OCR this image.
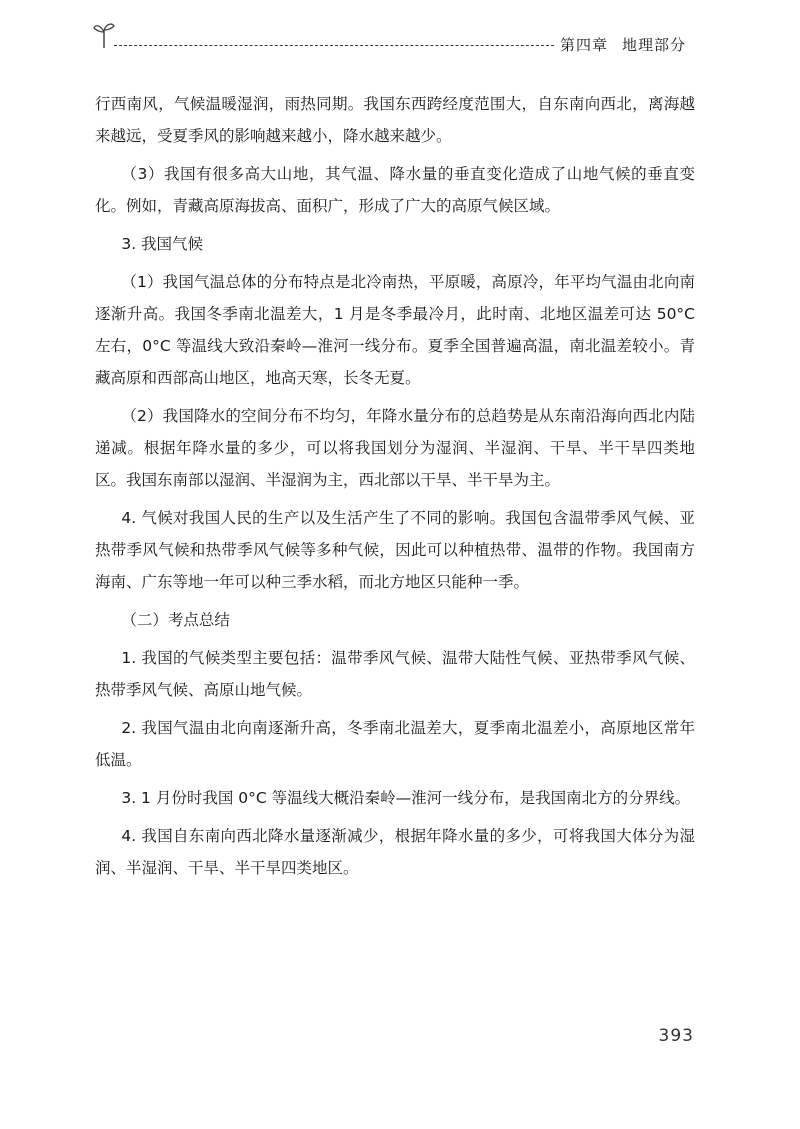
第四章 地理部分

行西南风，气候温暖湿润，雨热同期。我国东西跨经度范围大，自东南向西北，离海越来越远，受夏季风的影响越来越小，降水越来越少。

（3）我国有很多高大山地，其气温、降水量的垂直变化造成了山地气候的垂直变化。例如，青藏高原海拔高、面积广，形成了广大的高原气候区域。

3. 我国气候

（1）我国气温总体的分布特点是北冷南热，平原暖，高原冷，年平均气温由北向南逐渐升高。我国冬季南北温差大，1 月是冬季最冷月，此时南、北地区温差可达 50°C 左右，0°C 等温线大致沿秦岭—淮河一线分布。夏季全国普遍高温，南北温差较小。青藏高原和西部高山地区，地高天寒，长冬无夏。

（2）我国降水的空间分布不均匀，年降水量分布的总趋势是从东南沿海向西北内陆递减。根据年降水量的多少，可以将我国划分为湿润、半湿润、干旱、半干旱四类地区。我国东南部以湿润、半湿润为主，西北部以干旱、半干旱为主。

4. 气候对我国人民的生产以及生活产生了不同的影响。我国包含温带季风气候、亚热带季风气候和热带季风气候等多种气候，因此可以种植热带、温带的作物。我国南方海南、广东等地一年可以种三季水稻，而北方地区只能种一季。

（二）考点总结

1. 我国的气候类型主要包括：温带季风气候、温带大陆性气候、亚热带季风气候、热带季风气候、高原山地气候。

2. 我国气温由北向南逐渐升高，冬季南北温差大，夏季南北温差小，高原地区常年低温。

3. 1 月份时我国 0°C 等温线大概沿秦岭—淮河一线分布，是我国南北方的分界线。

4. 我国自东南向西北降水量逐渐减少，根据年降水量的多少，可将我国大体分为湿润、半湿润、干旱、半干旱四类地区。

393
